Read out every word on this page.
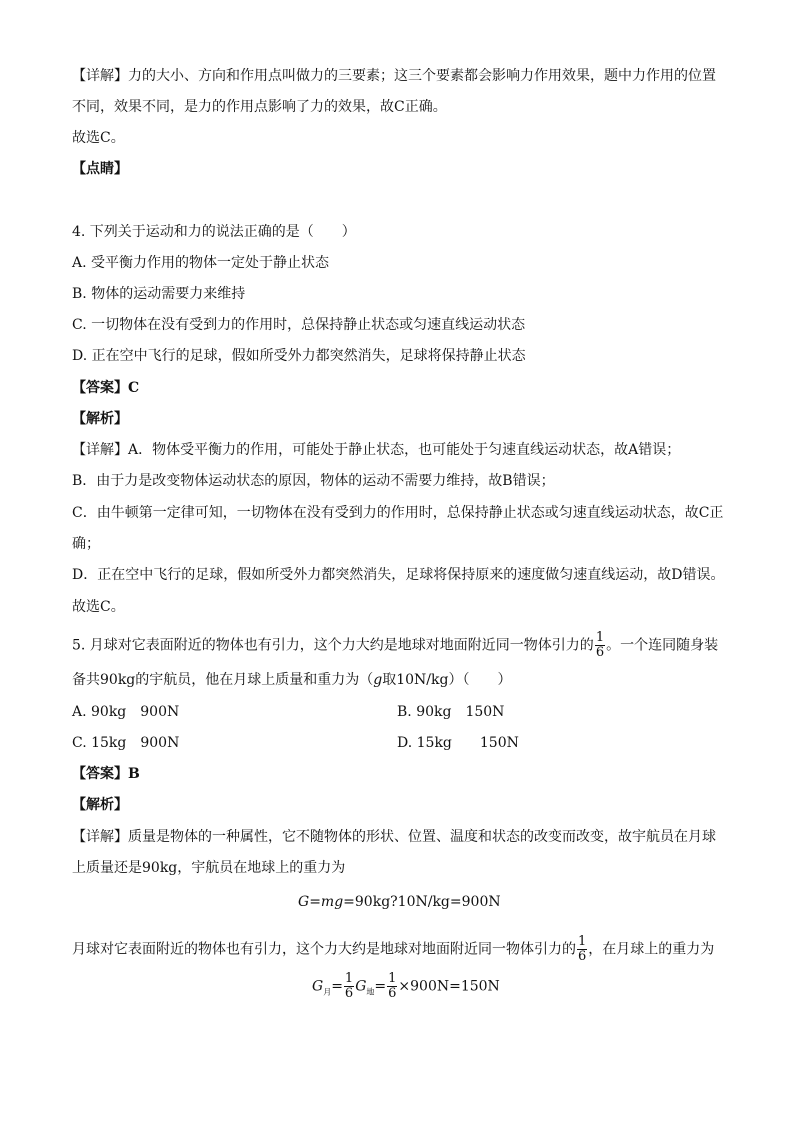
【详解】力的大小、方向和作用点叫做力的三要素；这三个要素都会影响力作用效果，题中力作用的位置
不同，效果不同，是力的作用点影响了力的效果，故C正确。
故选C。
【点睛】
4. 下列关于运动和力的说法正确的是（　　）
A. 受平衡力作用的物体一定处于静止状态
B. 物体的运动需要力来维持
C. 一切物体在没有受到力的作用时，总保持静止状态或匀速直线运动状态
D. 正在空中飞行的足球，假如所受外力都突然消失，足球将保持静止状态
【答案】C
【解析】
【详解】A．物体受平衡力的作用，可能处于静止状态，也可能处于匀速直线运动状态，故A错误；
B．由于力是改变物体运动状态的原因，物体的运动不需要力维持，故B错误；
C．由牛顿第一定律可知，一切物体在没有受到力的作用时，总保持静止状态或匀速直线运动状态，故C正
确；
D．正在空中飞行的足球，假如所受外力都突然消失，足球将保持原来的速度做匀速直线运动，故D错误。
故选C。
5. 月球对它表面附近的物体也有引力，这个力大约是地球对地面附近同一物体引力的 $\frac{1}{6}$ 。一个连同随身装
备共90kg的宇航员，他在月球上质量和重力为（g取10N/kg）（　　）
A. 90kg　900N	B. 90kg　150N
C. 15kg　900N	D. 15kg　　150N
【答案】B
【解析】
【详解】质量是物体的一种属性，它不随物体的形状、位置、温度和状态的改变而改变，故宇航员在月球
上质量还是90kg，宇航员在地球上的重力为
G=mg=90kg?10N/kg=900N
月球对它表面附近的物体也有引力，这个力大约是地球对地面附近同一物体引力的 $\frac{1}{6}$ ，在月球上的重力为
$G_月= \frac{1}{6} G_地= \frac{1}{6} \times 900N=150N$
